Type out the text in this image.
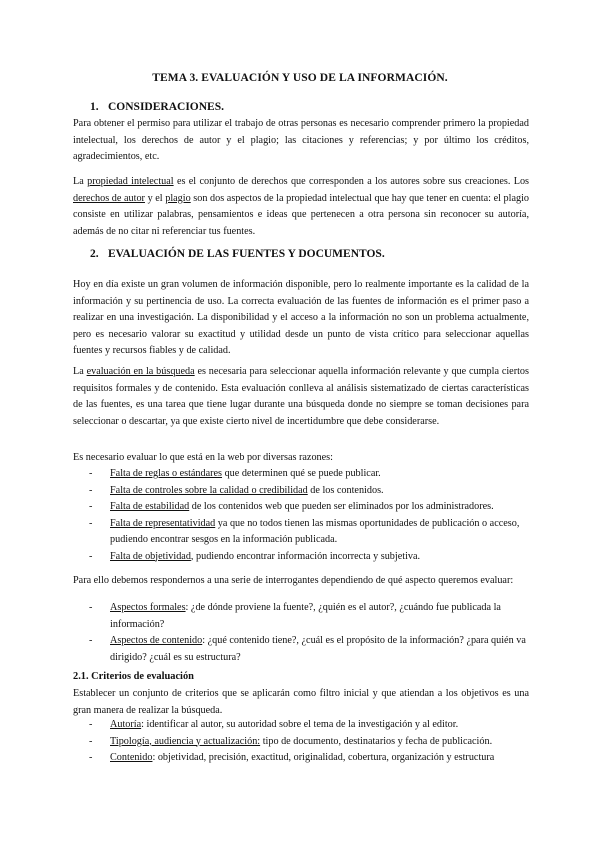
TEMA 3. EVALUACIÓN Y USO DE LA INFORMACIÓN.
1. CONSIDERACIONES.

Para obtener el permiso para utilizar el trabajo de otras personas es necesario comprender primero la propiedad intelectual, los derechos de autor y el plagio; las citaciones y referencias; y por último los créditos, agradecimientos, etc.

La propiedad intelectual es el conjunto de derechos que corresponden a los autores sobre sus creaciones. Los derechos de autor y el plagio son dos aspectos de la propiedad intelectual que hay que tener en cuenta: el plagio consiste en utilizar palabras, pensamientos e ideas que pertenecen a otra persona sin reconocer su autoría, además de no citar ni referenciar tus fuentes.

2. EVALUACIÓN DE LAS FUENTES Y DOCUMENTOS.

Hoy en día existe un gran volumen de información disponible, pero lo realmente importante es la calidad de la información y su pertinencia de uso. La correcta evaluación de las fuentes de información es el primer paso a realizar en una investigación. La disponibilidad y el acceso a la información no son un problema actualmente, pero es necesario valorar su exactitud y utilidad desde un punto de vista crítico para seleccionar aquellas fuentes y recursos fiables y de calidad.

La evaluación en la búsqueda es necesaria para seleccionar aquella información relevante y que cumpla ciertos requisitos formales y de contenido. Esta evaluación conlleva al análisis sistematizado de ciertas características de las fuentes, es una tarea que tiene lugar durante una búsqueda donde no siempre se toman decisiones para seleccionar o descartar, ya que existe cierto nivel de incertidumbre que debe considerarse.

Es necesario evaluar lo que está en la web por diversas razones:

- Falta de reglas o estándares que determinen qué se puede publicar.
- Falta de controles sobre la calidad o credibilidad de los contenidos.
- Falta de estabilidad de los contenidos web que pueden ser eliminados por los administradores.
- Falta de representatividad ya que no todos tienen las mismas oportunidades de publicación o acceso, pudiendo encontrar sesgos en la información publicada.
- Falta de objetividad, pudiendo encontrar información incorrecta y subjetiva.

Para ello debemos respondernos a una serie de interrogantes dependiendo de qué aspecto queremos evaluar:

- Aspectos formales: ¿de dónde proviene la fuente?, ¿quién es el autor?, ¿cuándo fue publicada la información?
- Aspectos de contenido: ¿qué contenido tiene?, ¿cuál es el propósito de la información? ¿para quién va dirigido? ¿cuál es su estructura?
2.1. Criterios de evaluación

Establecer un conjunto de criterios que se aplicarán como filtro inicial y que atiendan a los objetivos es una gran manera de realizar la búsqueda.

- Autoría: identificar al autor, su autoridad sobre el tema de la investigación y al editor.
- Tipología, audiencia y actualización: tipo de documento, destinatarios y fecha de publicación.
- Contenido: objetividad, precisión, exactitud, originalidad, cobertura, organización y estructura
